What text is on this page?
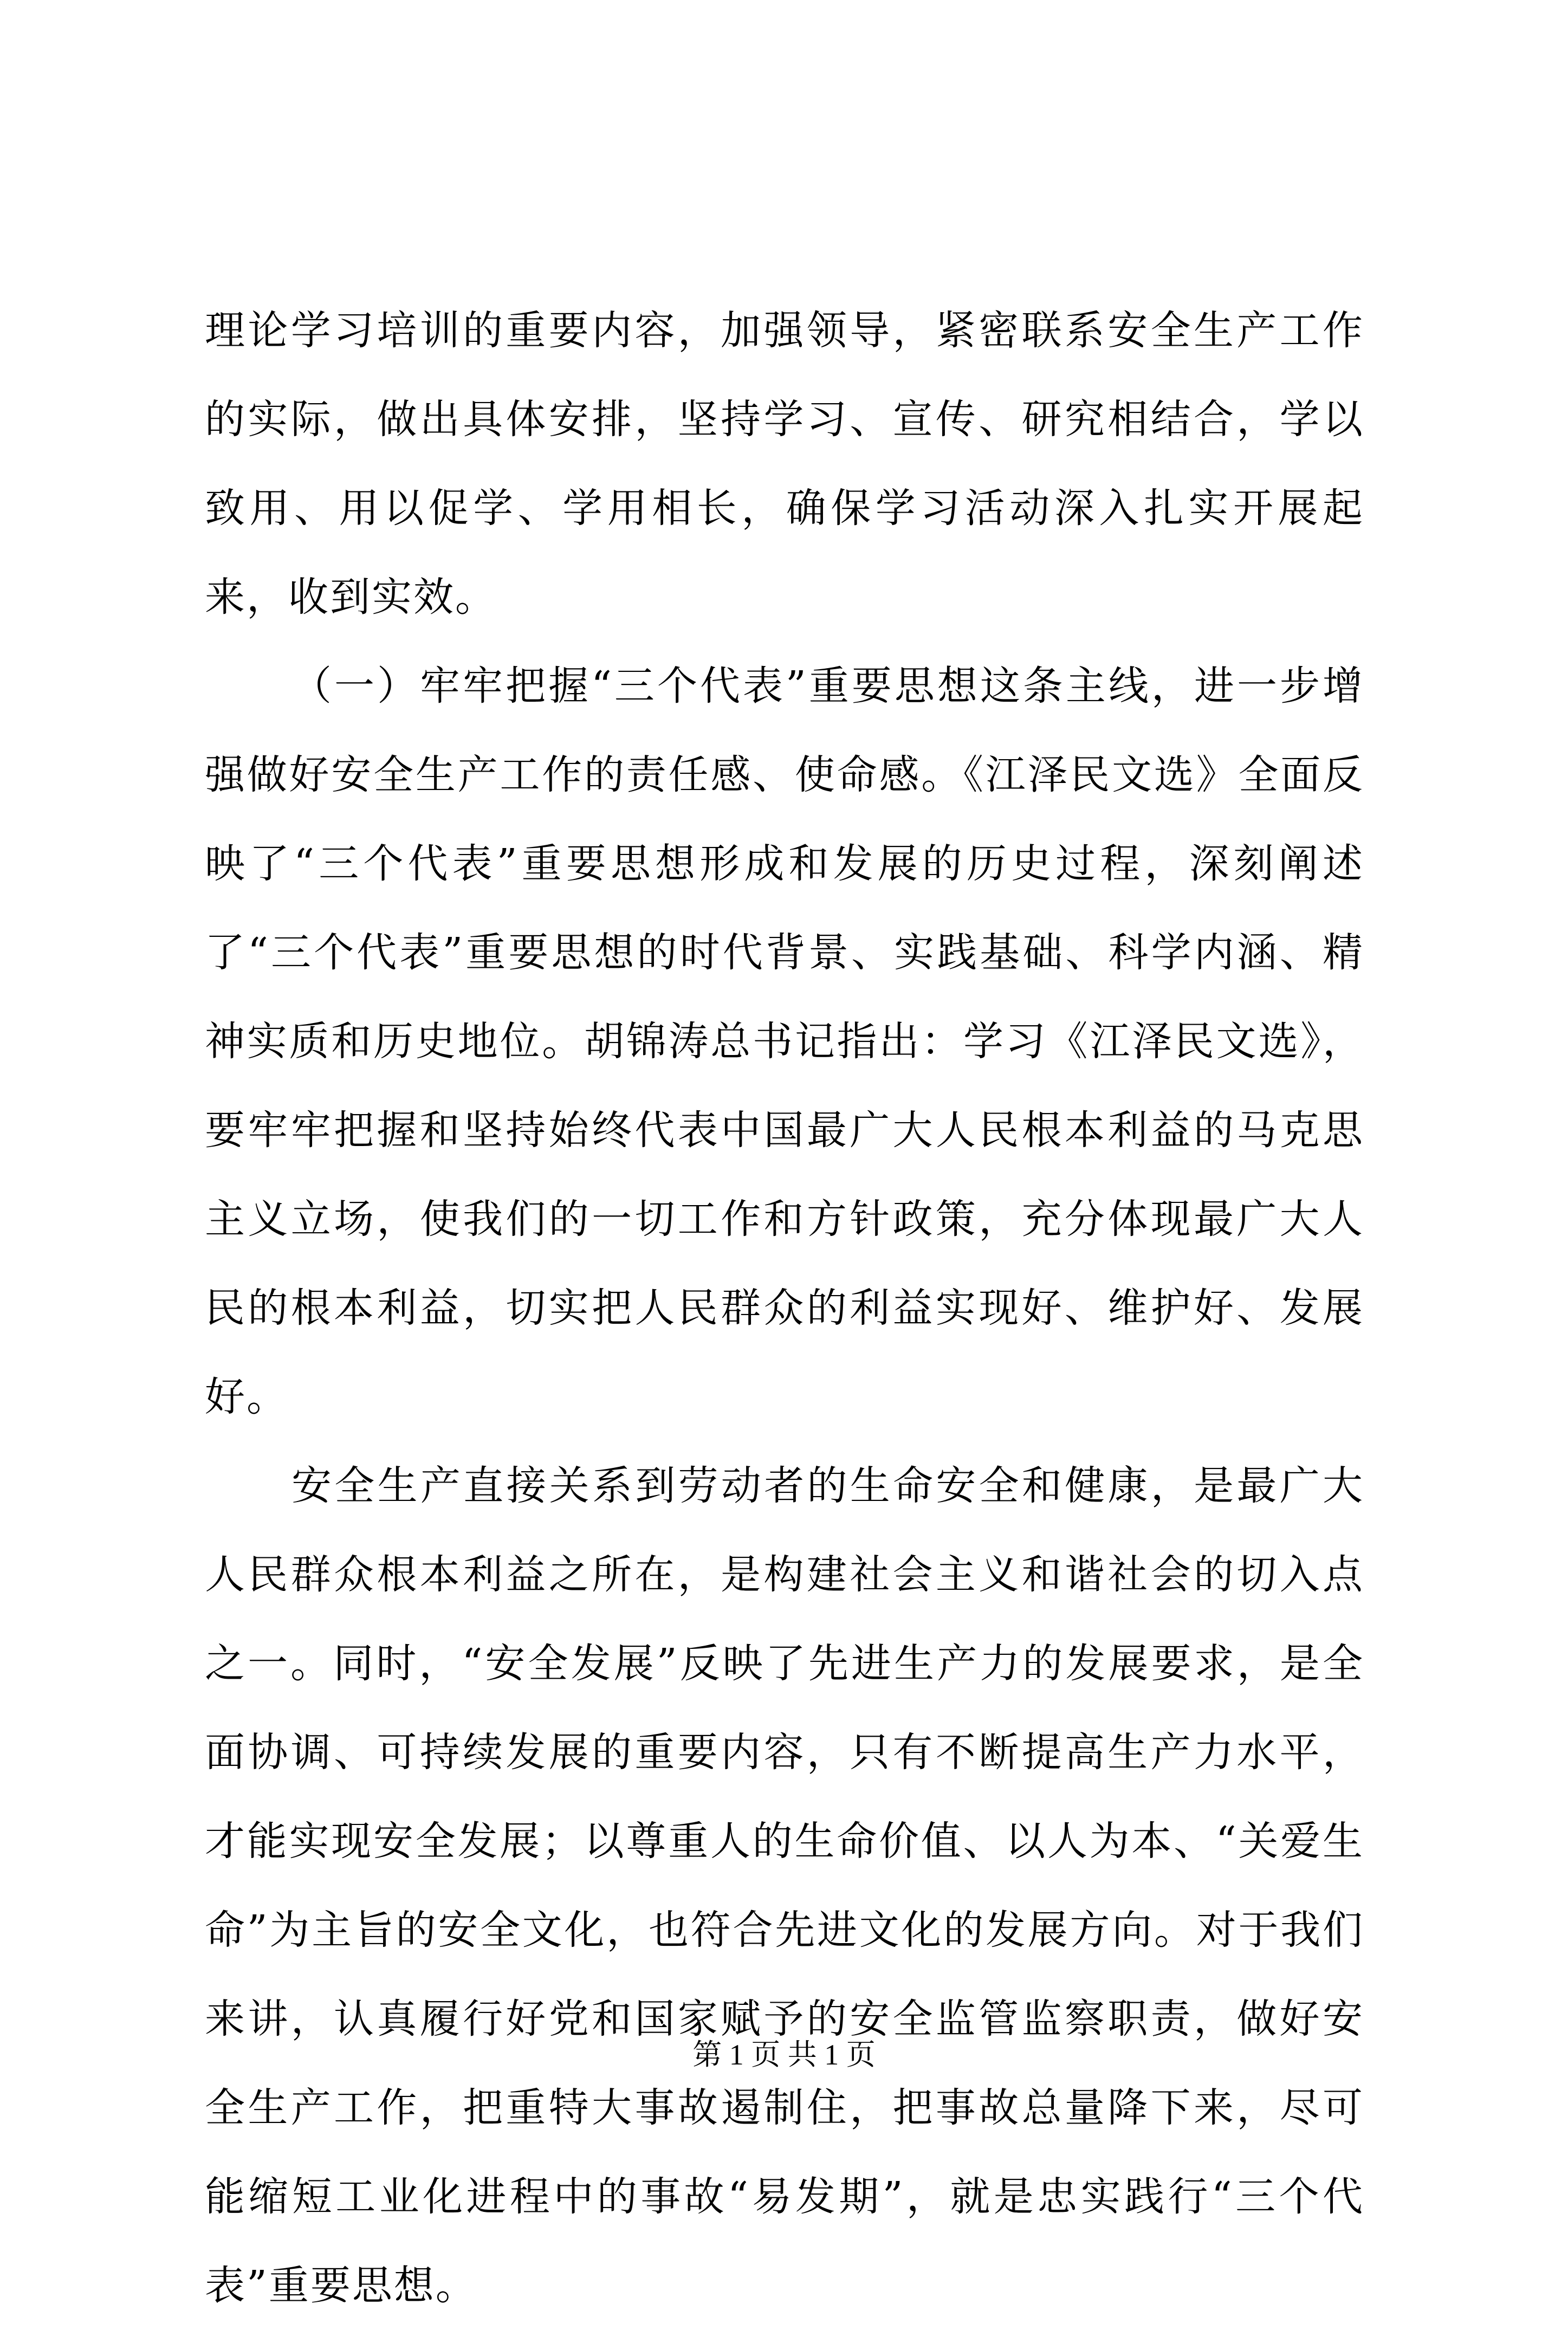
理论学习培训的重要内容，加强领导，紧密联系安全生产工作的实际，做出具体安排，坚持学习、宣传、研究相结合，学以致用、用以促学、学用相长，确保学习活动深入扎实开展起来，收到实效。

（一）牢牢把握“三个代表”重要思想这条主线，进一步增强做好安全生产工作的责任感、使命感。《江泽民文选》全面反映了“三个代表”重要思想形成和发展的历史过程，深刻阐述了“三个代表”重要思想的时代背景、实践基础、科学内涵、精神实质和历史地位。胡锦涛总书记指出：学习《江泽民文选》，要牢牢把握和坚持始终代表中国最广大人民根本利益的马克思主义立场，使我们的一切工作和方针政策，充分体现最广大人民的根本利益，切实把人民群众的利益实现好、维护好、发展好。

安全生产直接关系到劳动者的生命安全和健康，是最广大人民群众根本利益之所在，是构建社会主义和谐社会的切入点之一。同时，“安全发展”反映了先进生产力的发展要求，是全面协调、可持续发展的重要内容，只有不断提高生产力水平，才能实现安全发展；以尊重人的生命价值、以人为本、“关爱生命”为主旨的安全文化，也符合先进文化的发展方向。对于我们来讲，认真履行好党和国家赋予的安全监管监察职责，做好安全生产工作，把重特大事故遏制住，把事故总量降下来，尽可能缩短工业化进程中的事故“易发期”，就是忠实践行“三个代表”重要思想。

第 1 页 共 1 页
